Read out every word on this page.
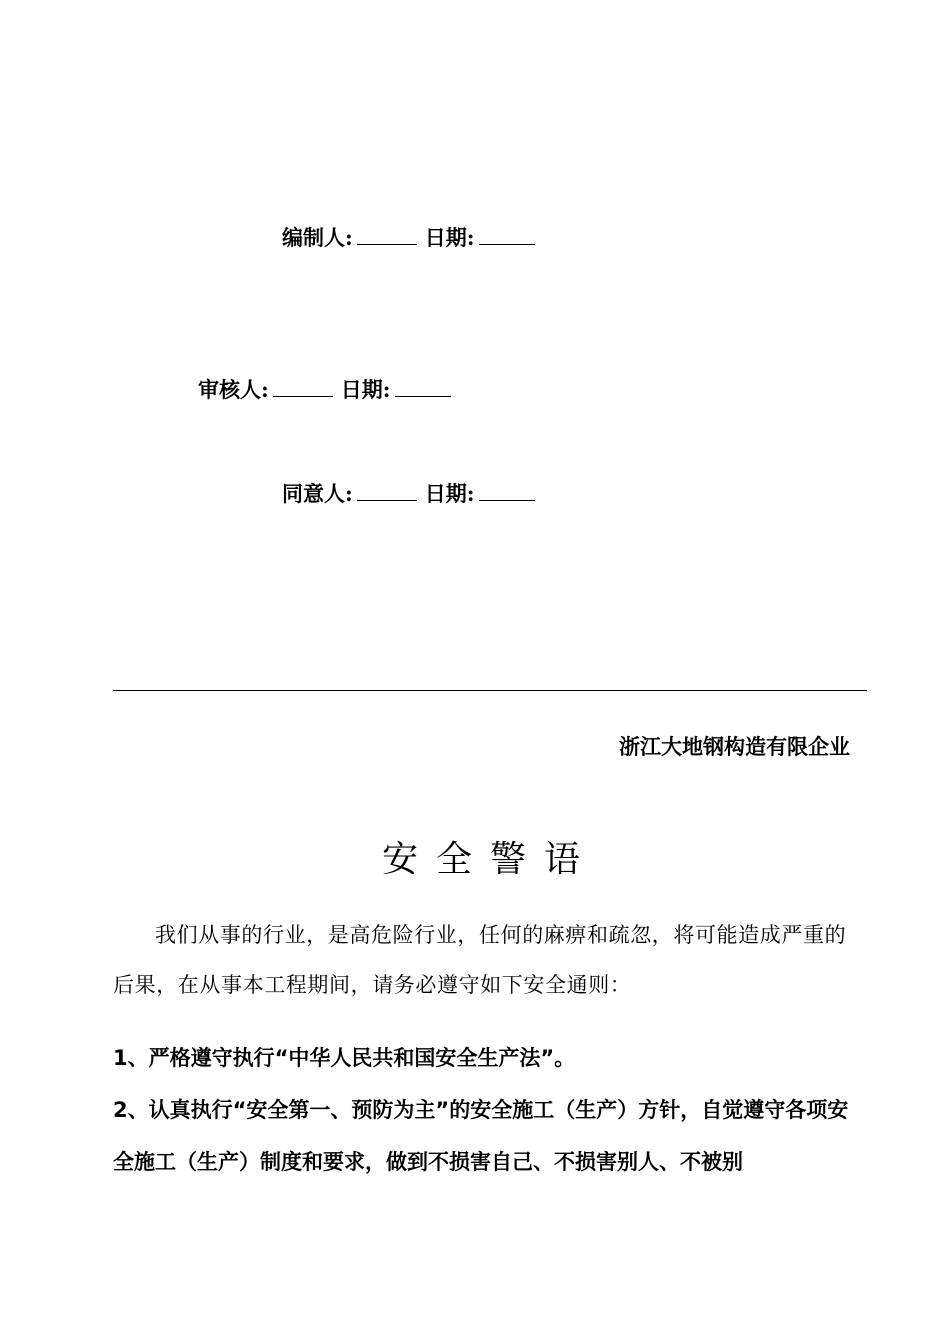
编制人:	日期:
审核人:	日期:
同意人:	日期:
浙江大地钢构造有限企业
安全警语
我们从事的行业，是高危险行业，任何的麻痹和疏忽，将可能造成严重的后果，在从事本工程期间，请务必遵守如下安全通则：
1、严格遵守执行“中华人民共和国安全生产法”。
2、认真执行“安全第一、预防为主”的安全施工（生产）方针，自觉遵守各项安全施工（生产）制度和要求，做到不损害自己、不损害别人、不被别
